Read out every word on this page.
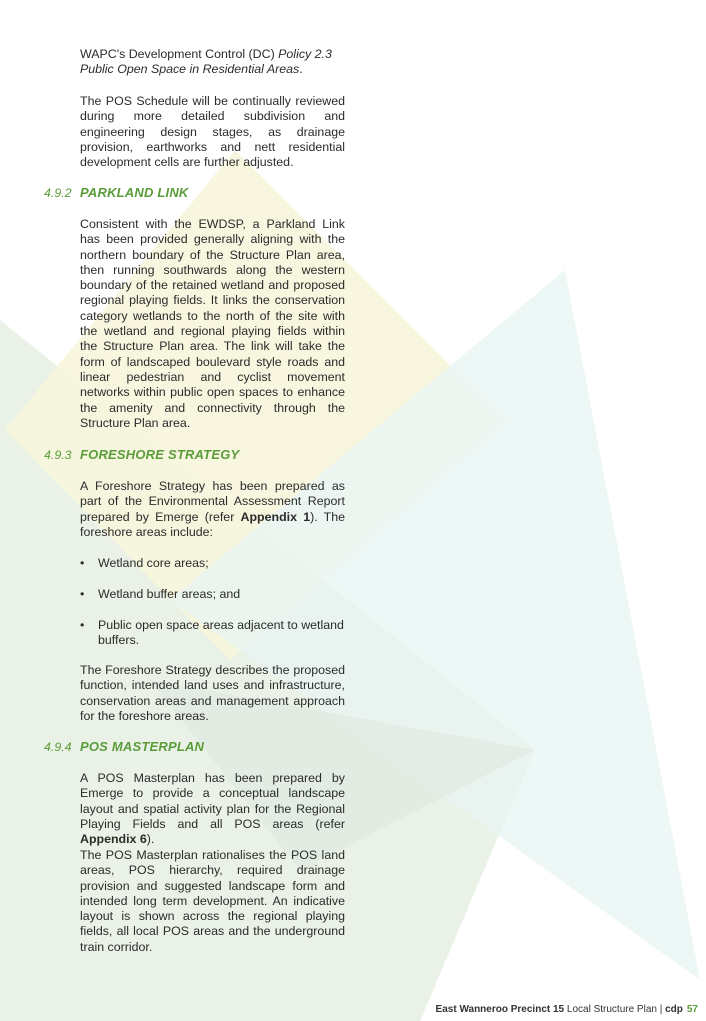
WAPC's Development Control (DC) Policy 2.3
Public Open Space in Residential Areas.

The POS Schedule will be continually reviewed during more detailed subdivision and engineering design stages, as drainage provision, earthworks and nett residential development cells are further adjusted.

4.9.2 PARKLAND LINK

Consistent with the EWDSP, a Parkland Link has been provided generally aligning with the northern boundary of the Structure Plan area, then running southwards along the western boundary of the retained wetland and proposed regional playing fields. It links the conservation category wetlands to the north of the site with the wetland and regional playing fields within the Structure Plan area. The link will take the form of landscaped boulevard style roads and linear pedestrian and cyclist movement networks within public open spaces to enhance the amenity and connectivity through the Structure Plan area.

4.9.3 FORESHORE STRATEGY

A Foreshore Strategy has been prepared as part of the Environmental Assessment Report prepared by Emerge (refer Appendix 1). The foreshore areas include:

• Wetland core areas;
• Wetland buffer areas; and
• Public open space areas adjacent to wetland buffers.

The Foreshore Strategy describes the proposed function, intended land uses and infrastructure, conservation areas and management approach for the foreshore areas.

4.9.4 POS MASTERPLAN

A POS Masterplan has been prepared by Emerge to provide a conceptual landscape layout and spatial activity plan for the Regional Playing Fields and all POS areas (refer Appendix 6).

The POS Masterplan rationalises the POS land areas, POS hierarchy, required drainage provision and suggested landscape form and intended long term development. An indicative layout is shown across the regional playing fields, all local POS areas and the underground train corridor.

East Wanneroo Precinct 15 Local Structure Plan | cdp 57
